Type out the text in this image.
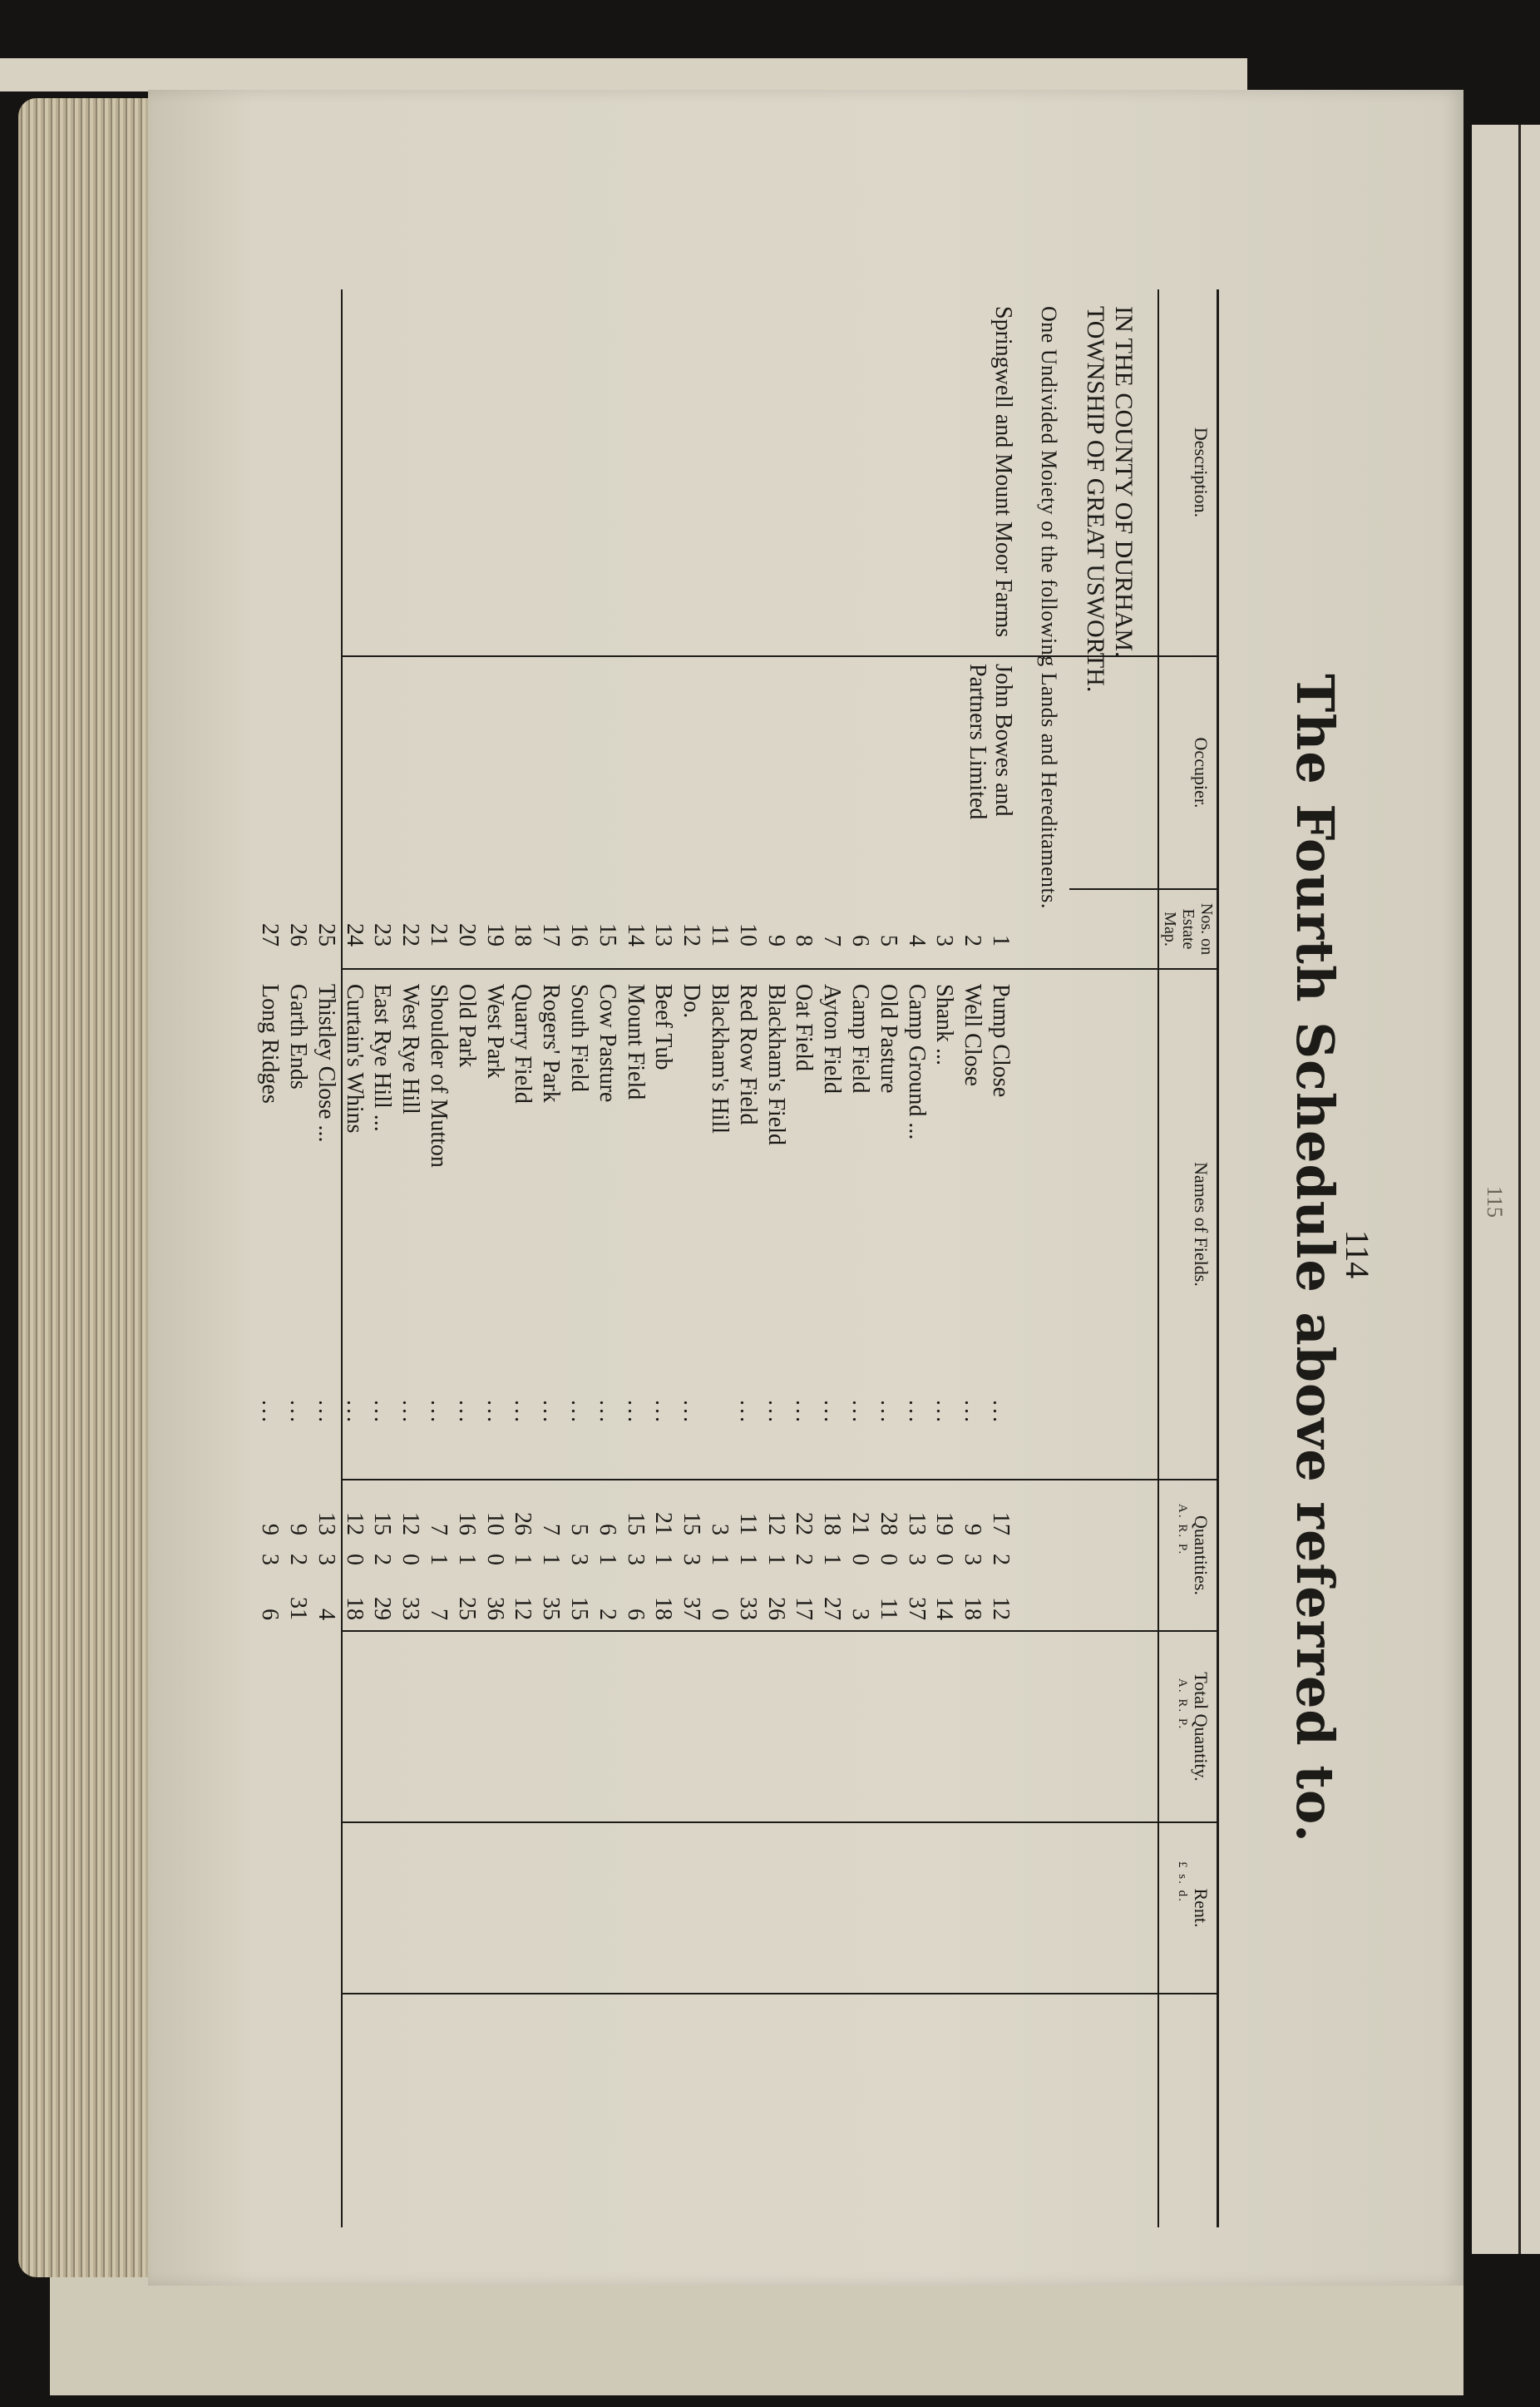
115
114
The Fourth Schedule above referred to.
Description.
Occupier.
Nos. on Estate Map.
Names of Fields.
Quantities.
A. R. P.
Total Quantity.
A. R. P.
Rent.
£ s. d.
IN THE COUNTY OF DURHAM.
TOWNSHIP OF GREAT USWORTH.
One Undivided Moiety of the following Lands and Hereditaments.
Springwell and Mount Moor Farms
John Bowes and Partners Limited
1
Pump Close
...
17
2
12
2
Well Close
...
9
3
18
3
Shank ...
...
19
0
14
4
Camp Ground ...
...
13
3
37
5
Old Pasture
...
28
0
11
6
Camp Field
...
21
0
3
7
Ayton Field
...
18
1
27
8
Oat Field
...
22
2
17
9
Blackham's Field
...
12
1
26
10
Red Row Field
...
11
1
33
11
Blackham's Hill
3
1
0
12
Do.
...
15
3
37
13
Beef Tub
...
21
1
18
14
Mount Field
...
15
3
6
15
Cow Pasture
...
6
1
2
16
South Field
...
5
3
15
17
Rogers' Park
...
7
1
35
18
Quarry Field
...
26
1
12
19
West Park
...
10
0
36
20
Old Park
...
16
1
25
21
Shoulder of Mutton
...
7
1
7
22
West Rye Hill
...
12
0
33
23
East Rye Hill ...
...
15
2
29
24
Curtain's Whins
...
12
0
18
25
Thistley Close ...
...
13
3
4
26
Garth Ends
...
9
2
31
27
Long Ridges
...
9
3
6
